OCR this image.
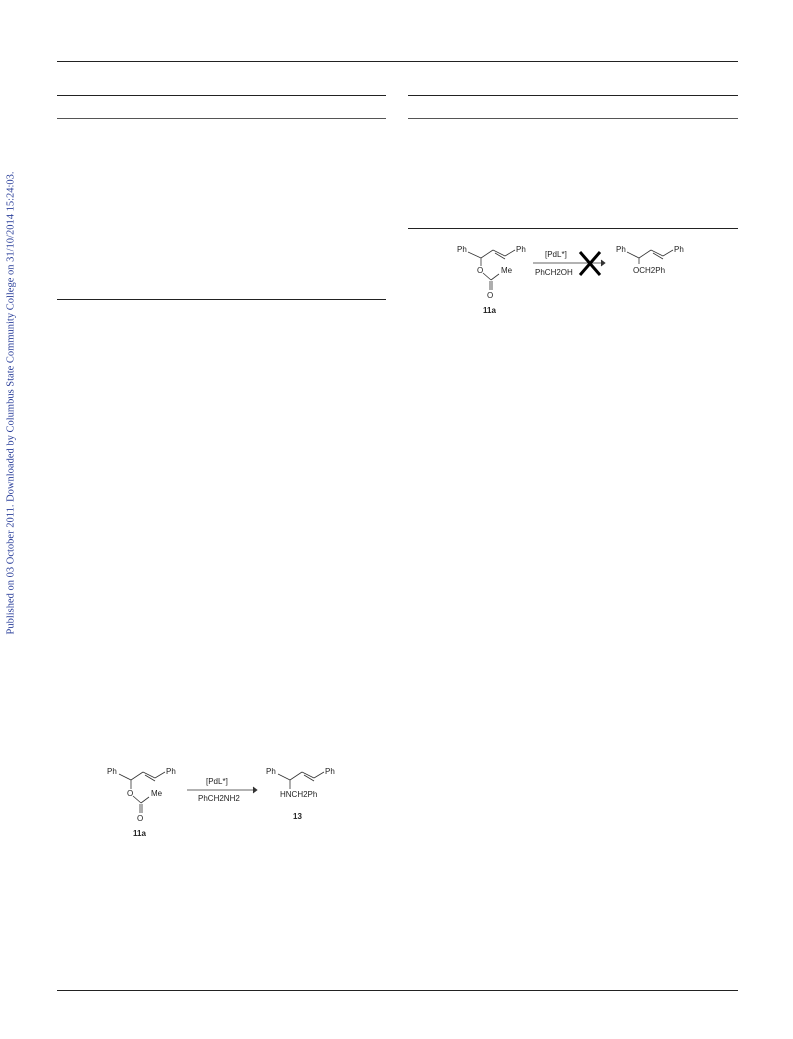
Published on 03 October 2011. Downloaded by Columbus State Community College on 31/10/2014 15:24:03.	Ph	Ph
O Me
O
11a
[PdL*]
PhCH2OH
Ph	Ph
OCH2Ph
Ph	Ph
O Me
O
11a
[PdL*]
PhCH2NH2
Ph	Ph
HNCH2Ph
13
